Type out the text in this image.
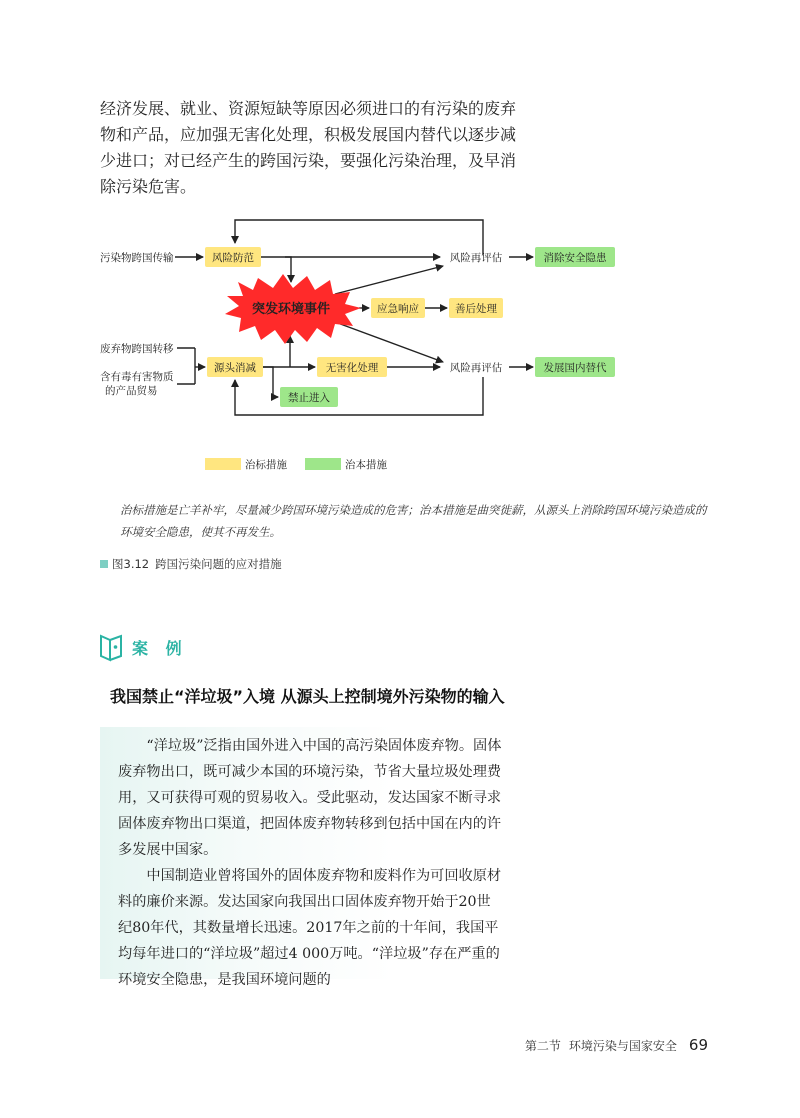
经济发展、就业、资源短缺等原因必须进口的有污染的废弃物和产品，应加强无害化处理，积极发展国内替代以逐步减少进口；对已经产生的跨国污染，要强化污染治理，及早消除污染危害。

污染物跨国传输
废弃物跨国转移
含有毒有害物质
的产品贸易
风险防范
应急响应	善后处理
源头消减	无害化处理
风险再评估
风险再评估
消除安全隐患
发展国内替代
禁止进入
突发环境事件
治标措施	治本措施

治标措施是亡羊补牢，尽量减少跨国环境污染造成的危害；治本措施是曲突徙薪，从源头上消除跨国环境污染造成的环境安全隐患，使其不再发生。

图3.12 跨国污染问题的应对措施
案 例
我国禁止“洋垃圾”入境 从源头上控制境外污染物的输入

“洋垃圾”泛指由国外进入中国的高污染固体废弃物。固体废弃物出口，既可减少本国的环境污染，节省大量垃圾处理费用，又可获得可观的贸易收入。受此驱动，发达国家不断寻求固体废弃物出口渠道，把固体废弃物转移到包括中国在内的许多发展中国家。

中国制造业曾将国外的固体废弃物和废料作为可回收原材料的廉价来源。发达国家向我国出口固体废弃物开始于20世纪80年代，其数量增长迅速。2017年之前的十年间，我国平均每年进口的“洋垃圾”超过4 000万吨。“洋垃圾”存在严重的环境安全隐患，是我国环境问题的

第二节 环境污染与国家安全 69
